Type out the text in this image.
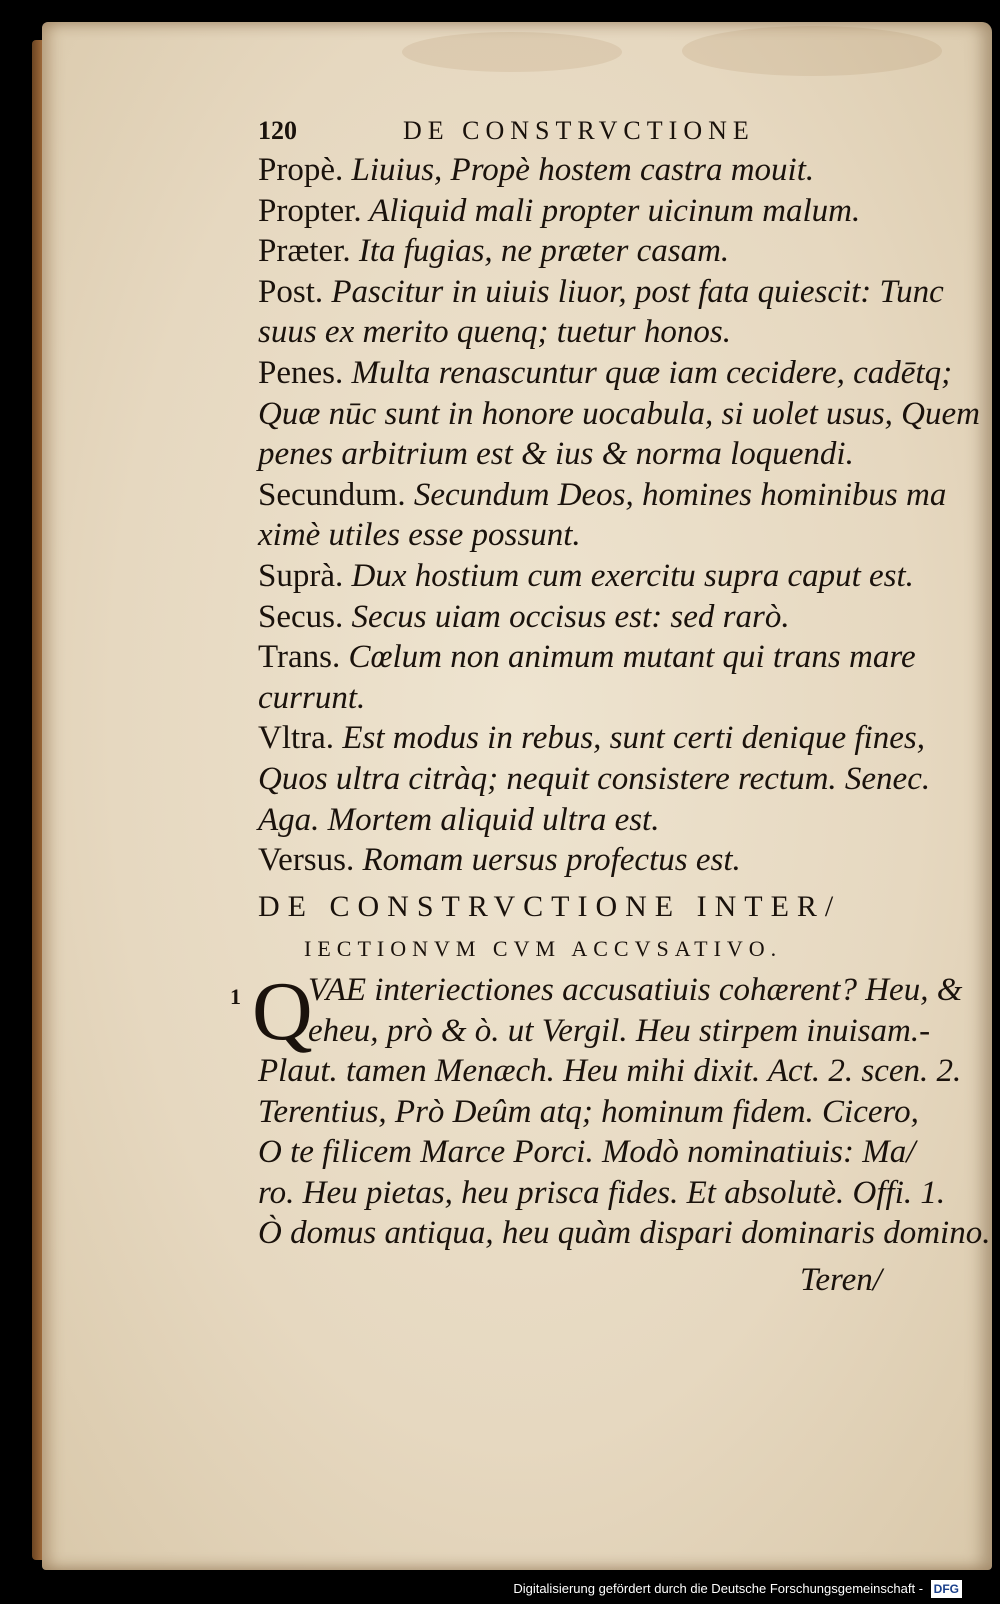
120	DE CONSTRVCTIONE
Propè. Liuius, Propè hostem castra mouit.
Propter. Aliquid mali propter uicinum malum.
Præter. Ita fugias, ne præter casam.
Post. Pascitur in uiuis liuor, post fata quiescit: Tunc
suus ex merito quenq; tuetur honos.
Penes. Multa renascuntur quæ iam cecidere, cadētq;
Quæ nūc sunt in honore uocabula, si uolet usus, Quem
penes arbitrium est & ius & norma loquendi.
Secundum. Secundum Deos, homines hominibus ma
ximè utiles esse possunt.
Suprà. Dux hostium cum exercitu supra caput est.
Secus. Secus uiam occisus est: sed rarò.
Trans. Cœlum non animum mutant qui trans mare
currunt.
Vltra. Est modus in rebus, sunt certi denique fines,
Quos ultra citràq; nequit consistere rectum. Senec.
Aga. Mortem aliquid ultra est.
Versus. Romam uersus profectus est.
DE CONSTRVCTIONE INTER/
IECTIONVM CVM ACCVSATIVO.
1 Q
VAE interiectiones accusatiuis cohærent? Heu, &
eheu, prò & ò. ut Vergil. Heu stirpem inuisam.-
Plaut. tamen Menæch. Heu mihi dixit. Act. 2. scen. 2.
Terentius, Prò Deûm atq; hominum fidem. Cicero,
O te filicem Marce Porci. Modò nominatiuis: Ma/
ro. Heu pietas, heu prisca fides. Et absolutè. Offi. 1.
Ò domus antiqua, heu quàm dispari dominaris domino.
Teren/
Digitalisierung gefördert durch die Deutsche Forschungsgemeinschaft - DFG
